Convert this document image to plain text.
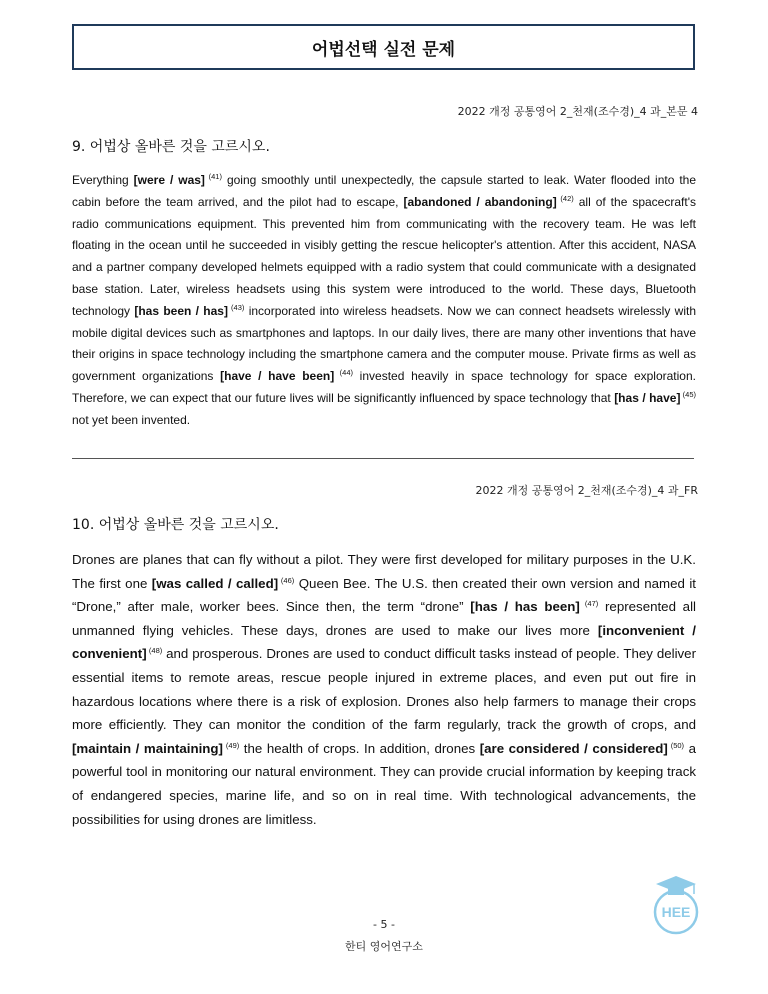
어법선택 실전 문제
2022 개정 공통영어 2_천재(조수경)_4 과_본문 4
9. 어법상 올바른 것을 고르시오.
Everything [were / was] $^{(41)}$ going smoothly until unexpectedly, the capsule started to leak. Water flooded into the cabin before the team arrived, and the pilot had to escape, [abandoned / abandoning] $^{(42)}$ all of the spacecraft's radio communications equipment. This prevented him from communicating with the recovery team. He was left floating in the ocean until he succeeded in visibly getting the rescue helicopter's attention. After this accident, NASA and a partner company developed helmets equipped with a radio system that could communicate with a designated base station. Later, wireless headsets using this system were introduced to the world. These days, Bluetooth technology [has been / has] $^{(43)}$ incorporated into wireless headsets. Now we can connect headsets wirelessly with mobile digital devices such as smartphones and laptops. In our daily lives, there are many other inventions that have their origins in space technology including the smartphone camera and the computer mouse. Private firms as well as government organizations [have / have been] $^{(44)}$ invested heavily in space technology for space exploration. Therefore, we can expect that our future lives will be significantly influenced by space technology that [has / have] $^{(45)}$ not yet been invented.
2022 개정 공통영어 2_천재(조수경)_4 과_FR
10. 어법상 올바른 것을 고르시오.
Drones are planes that can fly without a pilot. They were first developed for military purposes in the U.K. The first one [was called / called] $^{(46)}$ Queen Bee. The U.S. then created their own version and named it “Drone,” after male, worker bees. Since then, the term “drone” [has / has been] $^{(47)}$ represented all unmanned flying vehicles. These days, drones are used to make our lives more [inconvenient / convenient] $^{(48)}$ and prosperous. Drones are used to conduct difficult tasks instead of people. They deliver essential items to remote areas, rescue people injured in extreme places, and even put out fire in hazardous locations where there is a risk of explosion. Drones also help farmers to manage their crops more efficiently. They can monitor the condition of the farm regularly, track the growth of crops, and [maintain / maintaining] $^{(49)}$ the health of crops. In addition, drones [are considered / considered] $^{(50)}$ a powerful tool in monitoring our natural environment. They can provide crucial information by keeping track of endangered species, marine life, and so on in real time. With technological advancements, the possibilities for using drones are limitless.
- 5 -
한티 영어연구소
HEE
